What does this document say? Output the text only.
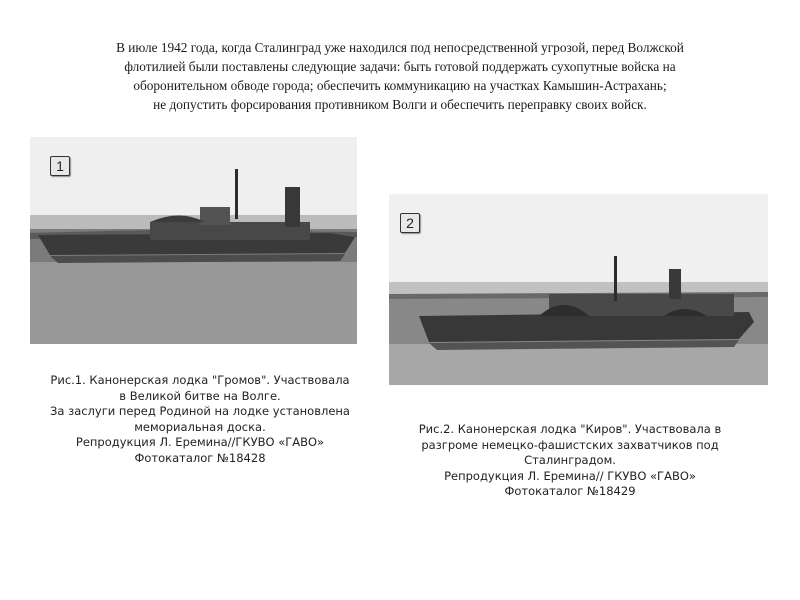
В июле 1942 года, когда Сталинград уже находился под непосредственной угрозой, перед Волжской
флотилией были поставлены следующие задачи: быть готовой поддержать сухопутные войска на
оборонительном обводе города; обеспечить коммуникацию на участках Камышин-Астрахань;
не допустить форсирования противником Волги и обеспечить переправку своих войск.
1
2
Рис.1. Канонерская лодка "Громов". Участвовала
в Великой битве на Волге.
За заслуги перед Родиной на лодке установлена
мемориальная доска.
Репродукция Л. Еремина//ГКУВО «ГАВО»
Фотокаталог №18428
Рис.2. Канонерская лодка "Киров". Участвовала в
разгроме немецко-фашистских захватчиков под
Сталинградом.
Репродукция Л. Еремина// ГКУВО «ГАВО»
Фотокаталог №18429
